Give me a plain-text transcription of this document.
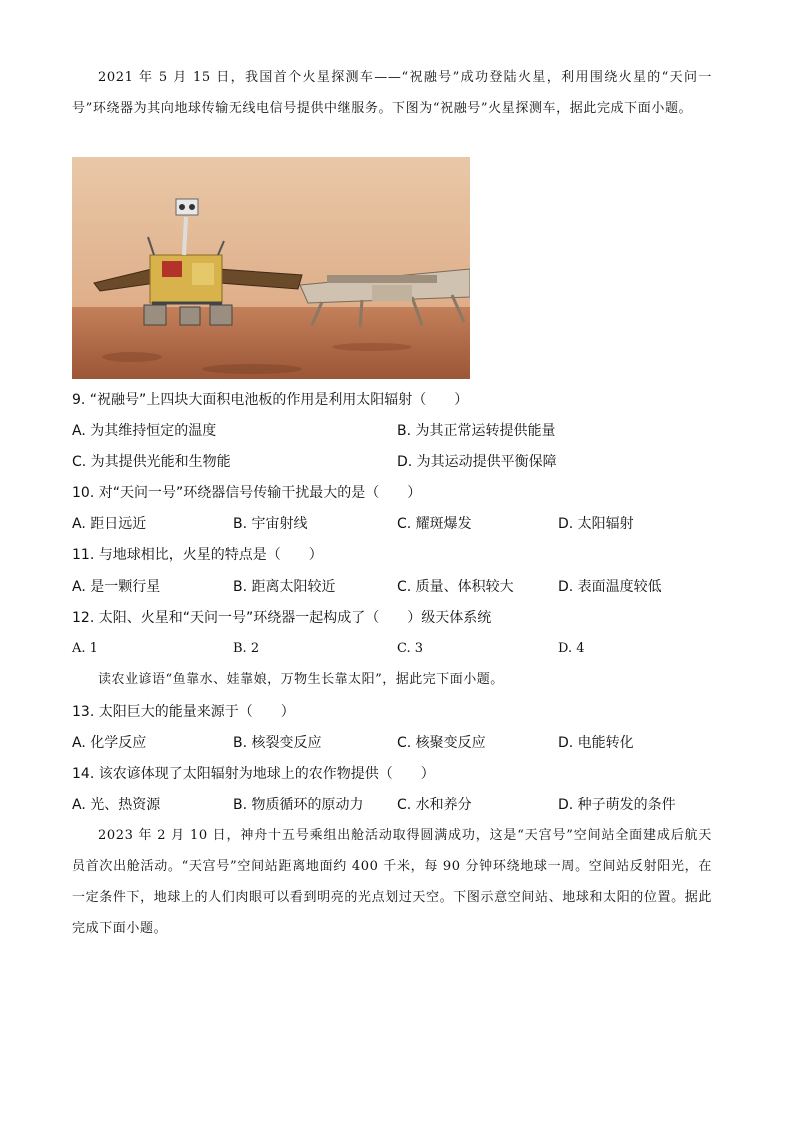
2021 年 5 月 15 日，我国首个火星探测车——“祝融号”成功登陆火星，利用围绕火星的“天问一号”环绕器为其向地球传输无线电信号提供中继服务。下图为“祝融号”火星探测车，据此完成下面小题。
9. “祝融号”上四块大面积电池板的作用是利用太阳辐射（　　）
A. 为其维持恒定的温度	B. 为其正常运转提供能量
C. 为其提供光能和生物能	D. 为其运动提供平衡保障
10. 对“天问一号”环绕器信号传输干扰最大的是（　　）
A. 距日远近	B. 宇宙射线	C. 耀斑爆发	D. 太阳辐射
11. 与地球相比，火星的特点是（　　）
A. 是一颗行星	B. 距离太阳较近	C. 质量、体积较大	D. 表面温度较低
12. 太阳、火星和“天问一号”环绕器一起构成了（　　）级天体系统
A. 1	B. 2	C. 3	D. 4
读农业谚语“鱼靠水、娃靠娘，万物生长靠太阳”，据此完下面小题。
13. 太阳巨大的能量来源于（　　）
A. 化学反应	B. 核裂变反应	C. 核聚变反应	D. 电能转化
14. 该农谚体现了太阳辐射为地球上的农作物提供（　　）
A. 光、热资源	B. 物质循环的原动力 C. 水和养分	D. 种子萌发的条件
2023 年 2 月 10 日，神舟十五号乘组出舱活动取得圆满成功，这是“天宫号”空间站全面建成后航天员首次出舱活动。“天宫号”空间站距离地面约 400 千米，每 90 分钟环绕地球一周。空间站反射阳光，在一定条件下，地球上的人们肉眼可以看到明亮的光点划过天空。下图示意空间站、地球和太阳的位置。据此完成下面小题。
